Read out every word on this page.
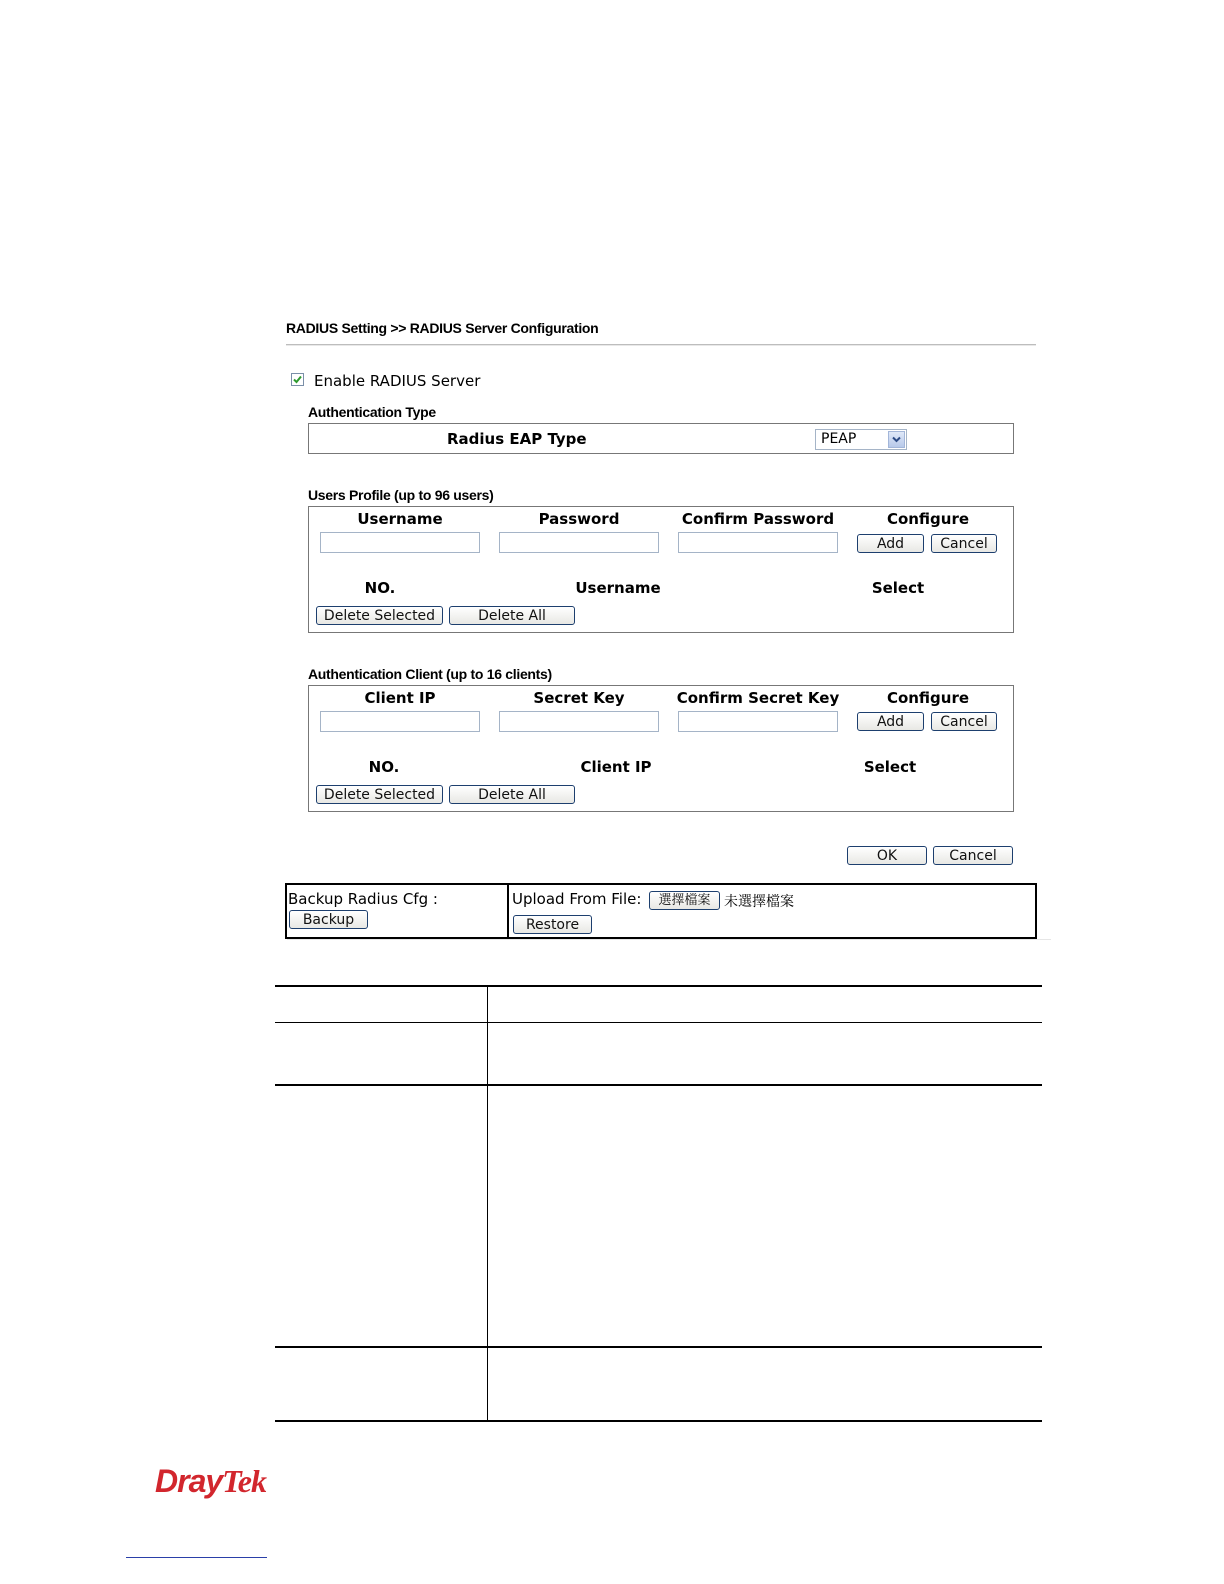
RADIUS Setting >> RADIUS Server Configuration
Enable RADIUS Server
Authentication Type
Radius EAP Type	PEAP
Users Profile (up to 96 users)
Username	Password	Confirm Password	Configure
Add	Cancel
NO.	Username	Select
Delete Selected	Delete All
Authentication Client (up to 16 clients)
Client IP	Secret Key	Confirm Secret Key	Configure
Add	Cancel
NO.	Client IP	Select
Delete Selected	Delete All
OK	Cancel
Backup Radius Cfg :
Backup
Upload From File:	選擇檔案 未選擇檔案
Restore
DrayTek
